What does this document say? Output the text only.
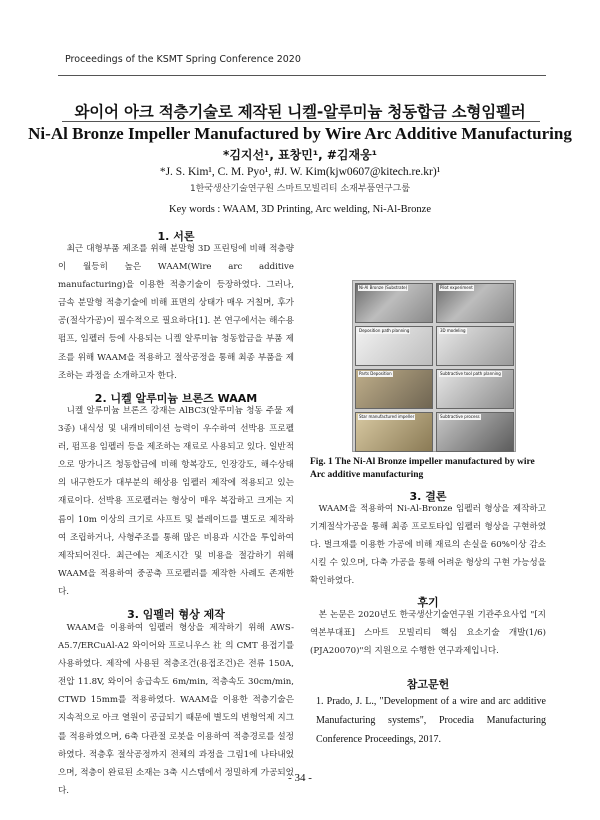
Proceedings of the KSMT Spring Conference 2020
와이어 아크 적층기술로 제작된 니켈-알루미늄 청동합금 소형임펠러
Ni-Al Bronze Impeller Manufactured by Wire Arc Additive Manufacturing
*김지선¹, 표창민¹, #김재웅¹
*J. S. Kim¹, C. M. Pyo¹, #J. W. Kim(kjw0607@kitech.re.kr)¹
1한국생산기술연구원 스마트모빌리티 소재부품연구그룹
Key words : WAAM, 3D Printing, Arc welding, Ni-Al-Bronze
1. 서론
최근 대형부품 제조를 위해 분말형 3D 프린팅에 비해 적층량이 월등히 높은 WAAM(Wire arc additive manufacturing)을 이용한 적층기술이 등장하였다. 그러나, 금속 분말형 적층기술에 비해 표면의 상태가 매우 거칠며, 후가공(절삭가공)이 필수적으로 필요하다[1]. 본 연구에서는 해수용 펌프, 임펠러 등에 사용되는 니켈 알루미늄 청동합금을 부품 제조를 위해 WAAM을 적용하고 절삭공정을 통해 최종 부품을 제조하는 과정을 소개하고자 한다.
2. 니켈 알루미늄 브론즈 WAAM
니켈 알루미늄 브론즈 강재는 AlBC3(알루미늄 청동 주물 제3종) 내식성 및 내캐비테이션 능력이 우수하여 선박용 프로펠러, 펌프용 임펠러 등을 제조하는 재료로 사용되고 있다. 일반적으로 망가니즈 청동합금에 비해 항복강도, 인장강도, 해수상태의 내구한도가 대부분의 해상용 임펠러 제작에 적용되고 있는 재료이다. 선박용 프로펠러는 형상이 매우 복잡하고 크게는 지름이 10m 이상의 크기로 샤프트 및 블레이드를 별도로 제작하여 조립하거나, 사형주조를 통해 많은 비용과 시간을 투입하여 제작되어진다. 최근에는 제조시간 및 비용을 절감하기 위해 WAAM을 적용하여 중공축 프로펠러를 제작한 사례도 존재한다.
3. 임펠러 형상 제작
WAAM을 이용하여 임펠러 형상을 제작하기 위해 AWS-A5.7/ERCuAl-A2 와이어와 프로니우스 社 의 CMT 용접기를 사용하였다. 제작에 사용된 적층조건(용접조건)은 전류 150A, 전압 11.8V, 와이어 송급속도 6m/min, 적층속도 30cm/min, CTWD 15mm를 적용하였다. WAAM을 이용한 적층기술은 지속적으로 아크 열원이 공급되기 때문에 별도의 변형억제 지그를 적용하였으며, 6축 다관절 로봇을 이용하여 적층경로를 설정하였다. 적층후 절삭공정까지 전체의 과정을 그림1에 나타내었으며, 적층이 완료된 소재는 3축 시스템에서 정밀하게 가공되었다.
Ni-Al Bronze (Substrate)	Pilot experiment
Deposition path planning	3D modeling
Parts Deposition	Subtractive tool path planning
Star manufactured impeller	Subtractive process
Fig. 1 The Ni-Al Bronze impeller manufactured by wire Arc additive manufacturing
3. 결론
WAAM을 적용하여 Ni-Al-Bronze 임펠러 형상을 제작하고 기계절삭가공을 통해 최종 프로토타입 임펠러 형상을 구현하였다. 벌크재를 이용한 가공에 비해 재료의 손실을 60%이상 감소시킬 수 있으며, 다축 가공을 통해 어려운 형상의 구현 가능성을 확인하였다.
후기
본 논문은 2020년도 한국생산기술연구원 기관주요사업 "[지역본부대표] 스마트 모빌리티 핵심 요소기술 개발(1/6) (PJA20070)"의 지원으로 수행한 연구과제입니다.
참고문헌
1. Prado, J. L., "Development of a wire and arc additive Manufacturing systems", Procedia Manufacturing Conference Proceedings, 2017.
- 34 -
